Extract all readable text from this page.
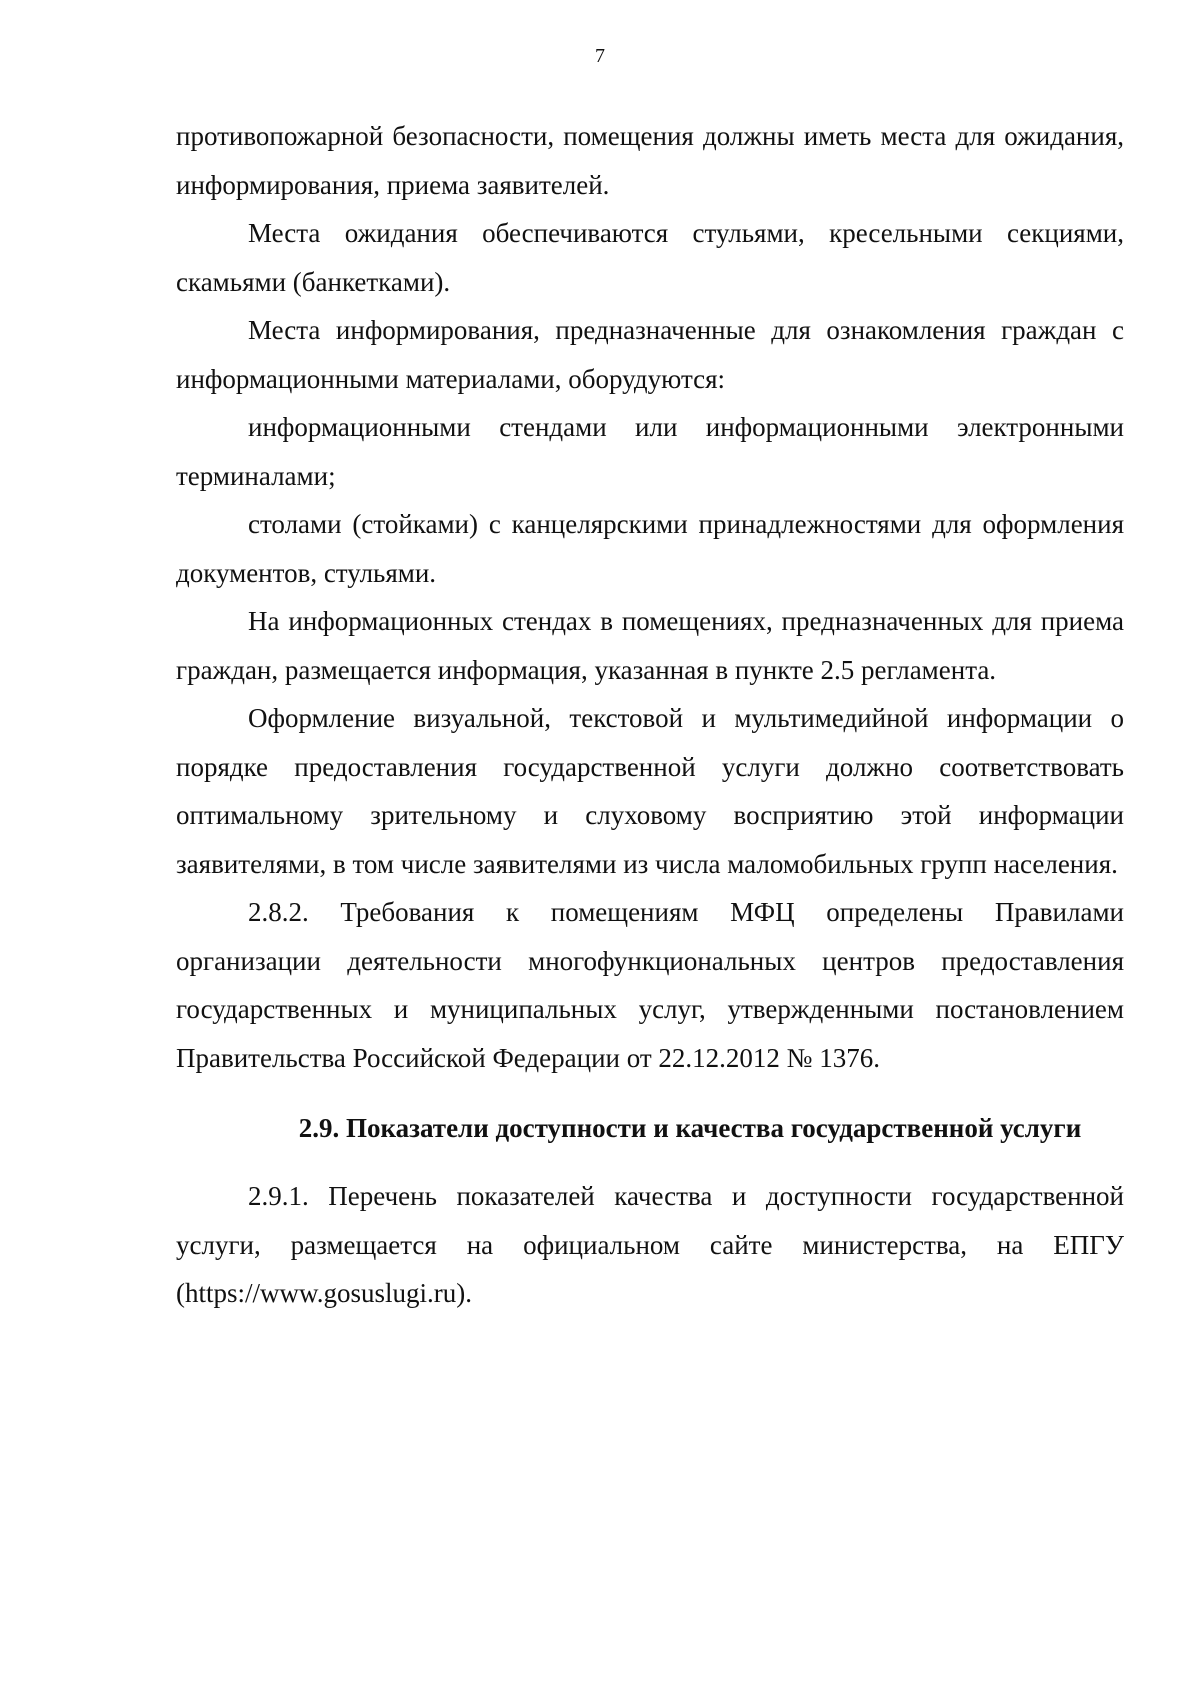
7

противопожарной безопасности, помещения должны иметь места для ожидания, информирования, приема заявителей.

Места ожидания обеспечиваются стульями, кресельными секциями, скамьями (банкетками).

Места информирования, предназначенные для ознакомления граждан с информационными материалами, оборудуются:

информационными стендами или информационными электронными терминалами;

столами (стойками) с канцелярскими принадлежностями для оформления документов, стульями.

На информационных стендах в помещениях, предназначенных для приема граждан, размещается информация, указанная в пункте 2.5 регламента.

Оформление визуальной, текстовой и мультимедийной информации о порядке предоставления государственной услуги должно соответствовать оптимальному зрительному и слуховому восприятию этой информации заявителями, в том числе заявителями из числа маломобильных групп населения.

2.8.2. Требования к помещениям МФЦ определены Правилами организации деятельности многофункциональных центров предоставления государственных и муниципальных услуг, утвержденными постановлением Правительства Российской Федерации от 22.12.2012 № 1376.

2.9. Показатели доступности и качества государственной услуги

2.9.1. Перечень показателей качества и доступности государственной услуги, размещается на официальном сайте министерства, на ЕПГУ (https://www.gosuslugi.ru).
